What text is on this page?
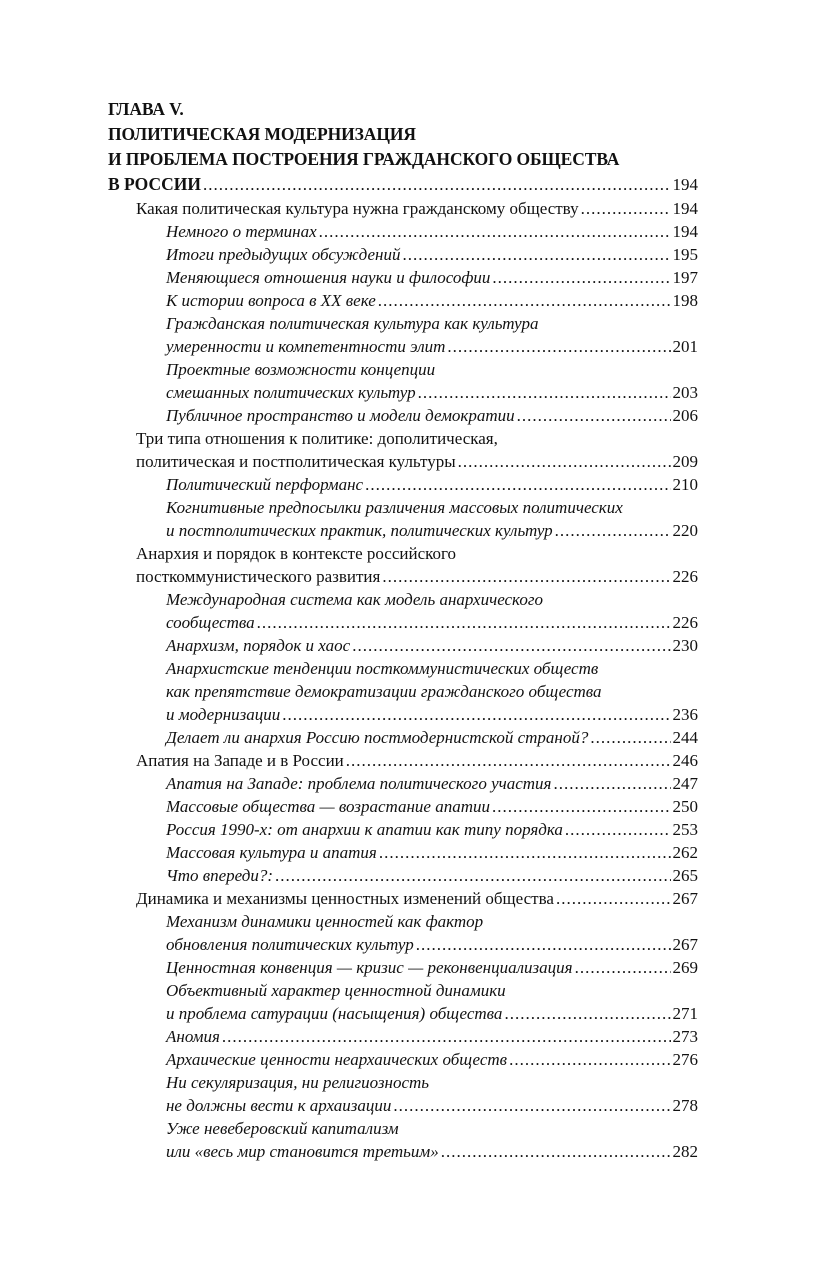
ГЛАВА V.
ПОЛИТИЧЕСКАЯ МОДЕРНИЗАЦИЯ
И ПРОБЛЕМА ПОСТРОЕНИЯ ГРАЖДАНСКОГО ОБЩЕСТВА
В РОССИИ .....	194
Какая политическая культура нужна гражданскому обществу .....	194
Немного о терминах .....	194
Итоги предыдущих обсуждений .....	195
Меняющиеся отношения науки и философии .....	197
К истории вопроса в XX веке .....	198
Гражданская политическая культура как культура
умеренности и компетентности элит .....	201
Проектные возможности концепции
смешанных политических культур .....	203
Публичное пространство и модели демократии .....	206
Три типа отношения к политике: дополитическая,
политическая и постполитическая культуры .....	209
Политический перформанс .....	210
Когнитивные предпосылки различения массовых политических
и постполитических практик, политических культур .....	220
Анархия и порядок в контексте российского
посткоммунистического развития .....	226
Международная система как модель анархического
сообщества .....	226
Анархизм, порядок и хаос .....	230
Анархистские тенденции посткоммунистических обществ
как препятствие демократизации гражданского общества
и модернизации .....	236
Делает ли анархия Россию постмодернистской страной? .....	244
Апатия на Западе и в России .....	246
Апатия на Западе: проблема политического участия .....	247
Массовые общества — возрастание апатии .....	250
Россия 1990-х: от анархии к апатии как типу порядка .....	253
Массовая культура и апатия .....	262
Что впереди?: .....	265
Динамика и механизмы ценностных изменений общества .....	267
Механизм динамики ценностей как фактор
обновления политических культур .....	267
Ценностная конвенция — кризис — реконвенциализация .....	269
Объективный характер ценностной динамики
и проблема сатурации (насыщения) общества .....	271
Аномия .....	273
Архаические ценности неархаических обществ .....	276
Ни секуляризация, ни религиозность
не должны вести к архаизации .....	278
Уже невеберовский капитализм
или «весь мир становится третьим» .....	282
